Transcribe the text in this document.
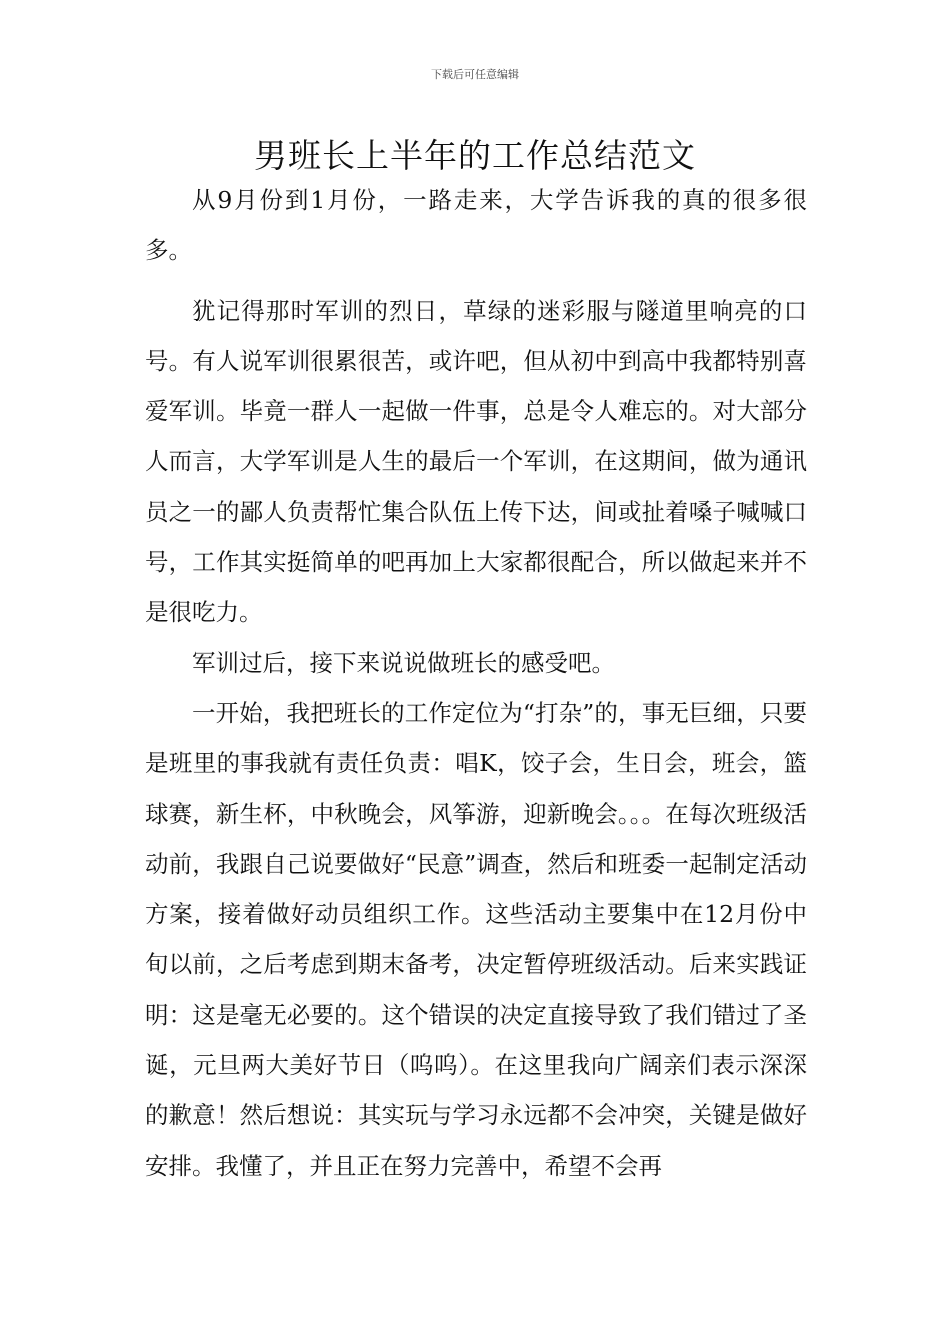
下载后可任意编辑
男班长上半年的工作总结范文

从9月份到1月份，一路走来，大学告诉我的真的很多很多。

犹记得那时军训的烈日，草绿的迷彩服与隧道里响亮的口号。有人说军训很累很苦，或许吧，但从初中到高中我都特别喜爱军训。毕竟一群人一起做一件事，总是令人难忘的。对大部分人而言，大学军训是人生的最后一个军训，在这期间，做为通讯员之一的鄙人负责帮忙集合队伍上传下达，间或扯着嗓子喊喊口号，工作其实挺简单的吧再加上大家都很配合，所以做起来并不是很吃力。

军训过后，接下来说说做班长的感受吧。

一开始，我把班长的工作定位为“打杂”的，事无巨细，只要是班里的事我就有责任负责：唱K，饺子会，生日会，班会，篮球赛，新生杯，中秋晚会，风筝游，迎新晚会。。。在每次班级活动前，我跟自己说要做好“民意”调查，然后和班委一起制定活动方案，接着做好动员组织工作。这些活动主要集中在12月份中旬以前，之后考虑到期末备考，决定暂停班级活动。后来实践证明：这是毫无必要的。这个错误的决定直接导致了我们错过了圣诞，元旦两大美好节日（呜呜）。在这里我向广阔亲们表示深深的歉意！然后想说：其实玩与学习永远都不会冲突，关键是做好安排。我懂了，并且正在努力完善中，希望不会再
